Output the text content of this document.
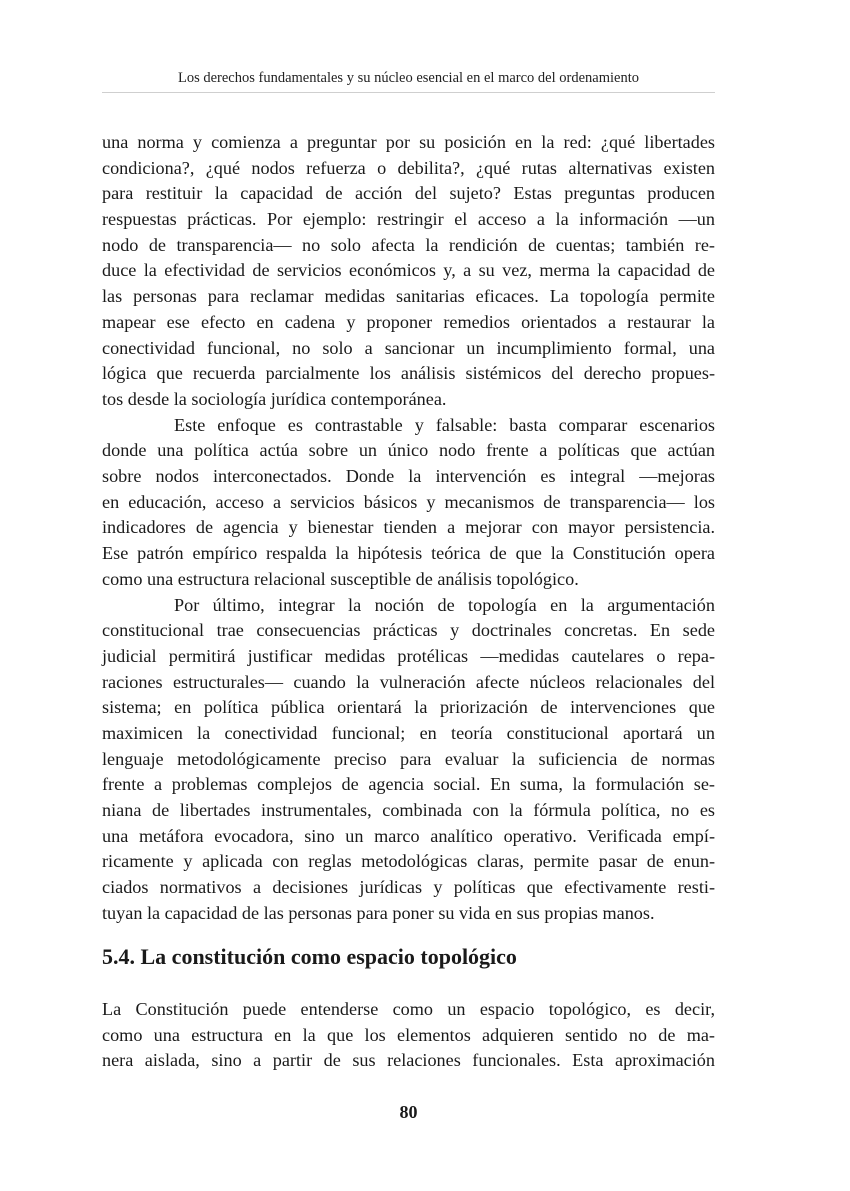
Los derechos fundamentales y su núcleo esencial en el marco del ordenamiento
una norma y comienza a preguntar por su posición en la red: ¿qué libertades
condiciona?, ¿qué nodos refuerza o debilita?, ¿qué rutas alternativas existen
para restituir la capacidad de acción del sujeto? Estas preguntas producen
respuestas prácticas. Por ejemplo: restringir el acceso a la información —un
nodo de transparencia— no solo afecta la rendición de cuentas; también re-
duce la efectividad de servicios económicos y, a su vez, merma la capacidad de
las personas para reclamar medidas sanitarias eficaces. La topología permite
mapear ese efecto en cadena y proponer remedios orientados a restaurar la
conectividad funcional, no solo a sancionar un incumplimiento formal, una
lógica que recuerda parcialmente los análisis sistémicos del derecho propues-
tos desde la sociología jurídica contemporánea.
Este enfoque es contrastable y falsable: basta comparar escenarios
donde una política actúa sobre un único nodo frente a políticas que actúan
sobre nodos interconectados. Donde la intervención es integral —mejoras
en educación, acceso a servicios básicos y mecanismos de transparencia— los
indicadores de agencia y bienestar tienden a mejorar con mayor persistencia.
Ese patrón empírico respalda la hipótesis teórica de que la Constitución opera
como una estructura relacional susceptible de análisis topológico.
Por último, integrar la noción de topología en la argumentación
constitucional trae consecuencias prácticas y doctrinales concretas. En sede
judicial permitirá justificar medidas protélicas —medidas cautelares o repa-
raciones estructurales— cuando la vulneración afecte núcleos relacionales del
sistema; en política pública orientará la priorización de intervenciones que
maximicen la conectividad funcional; en teoría constitucional aportará un
lenguaje metodológicamente preciso para evaluar la suficiencia de normas
frente a problemas complejos de agencia social. En suma, la formulación se-
niana de libertades instrumentales, combinada con la fórmula política, no es
una metáfora evocadora, sino un marco analítico operativo. Verificada empí-
ricamente y aplicada con reglas metodológicas claras, permite pasar de enun-
ciados normativos a decisiones jurídicas y políticas que efectivamente resti-
tuyan la capacidad de las personas para poner su vida en sus propias manos.
5.4. La constitución como espacio topológico
La Constitución puede entenderse como un espacio topológico, es decir,
como una estructura en la que los elementos adquieren sentido no de ma-
nera aislada, sino a partir de sus relaciones funcionales. Esta aproximación
80
